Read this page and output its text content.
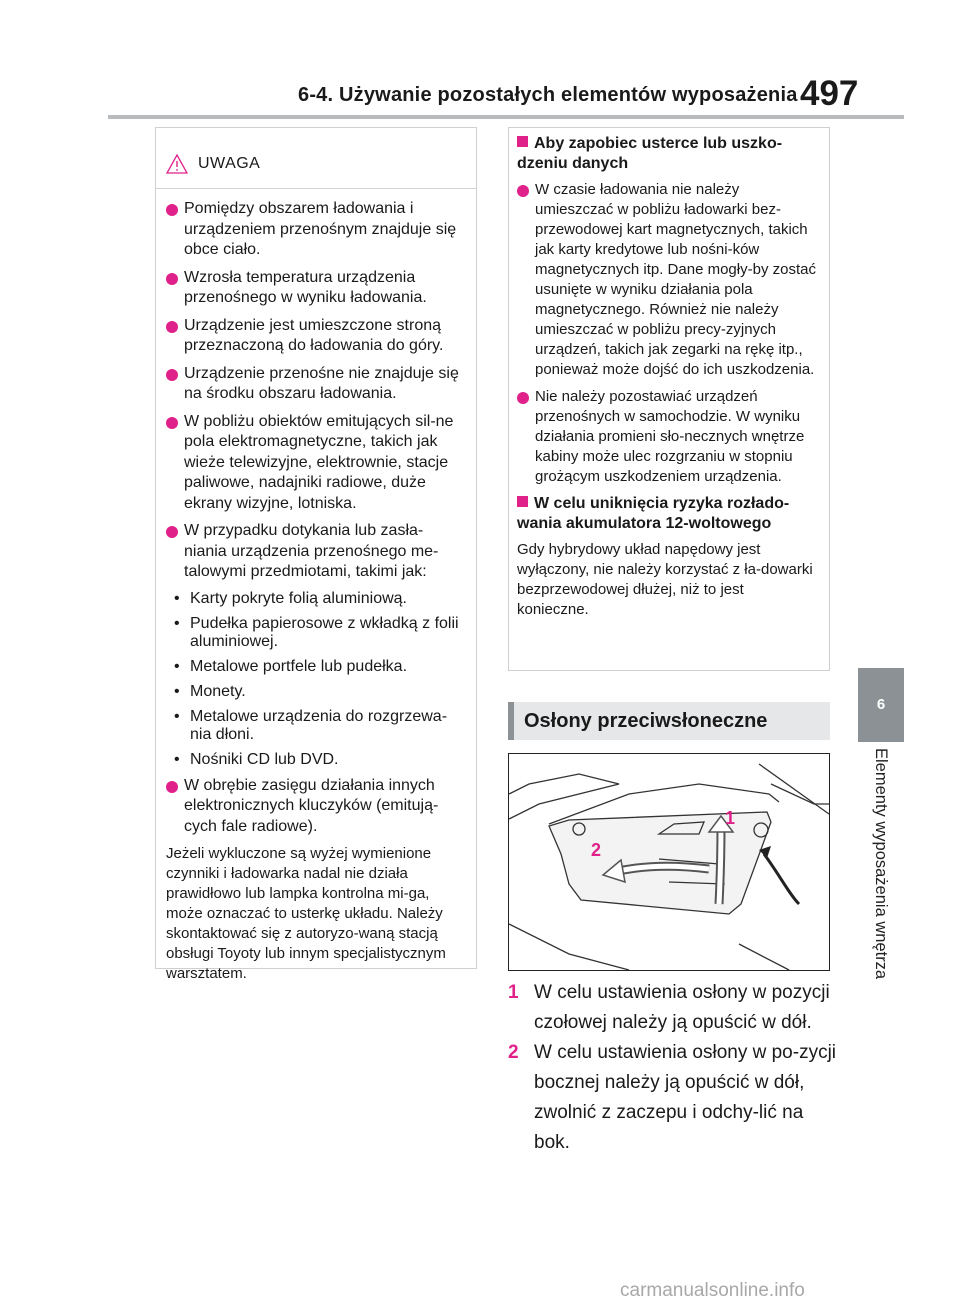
6-4. Używanie pozostałych elementów wyposażenia 497
6
Elementy wyposażenia wnętrza
UWAGA
Pomiędzy obszarem ładowania i urządzeniem przenośnym znajduje się obce ciało.
Wzrosła temperatura urządzenia przenośnego w wyniku ładowania.
Urządzenie jest umieszczone stroną przeznaczoną do ładowania do góry.
Urządzenie przenośne nie znajduje się na środku obszaru ładowania.
W pobliżu obiektów emitujących sil-ne pola elektromagnetyczne, takich jak wieże telewizyjne, elektrownie, stacje paliwowe, nadajniki radiowe, duże ekrany wizyjne, lotniska.
W przypadku dotykania lub zasła-niania urządzenia przenośnego me-talowymi przedmiotami, takimi jak:
• Karty pokryte folią aluminiową.
• Pudełka papierosowe z wkładką z folii aluminiowej.
• Metalowe portfele lub pudełka.
• Monety.
• Metalowe urządzenia do rozgrzewa-nia dłoni.
• Nośniki CD lub DVD.
W obrębie zasięgu działania innych elektronicznych kluczyków (emitują-cych fale radiowe).

Jeżeli wykluczone są wyżej wymienione czynniki i ładowarka nadal nie działa prawidłowo lub lampka kontrolna mi-ga, może oznaczać to usterkę układu. Należy skontaktować się z autoryzo-waną stacją obsługi Toyoty lub innym specjalistycznym warsztatem.

Aby zapobiec usterce lub uszko-dzeniu danych
W czasie ładowania nie należy umieszczać w pobliżu ładowarki bez-przewodowej kart magnetycznych, takich jak karty kredytowe lub nośni-ków magnetycznych itp. Dane mogły-by zostać usunięte w wyniku działania pola magnetycznego. Również nie należy umieszczać w pobliżu precy-zyjnych urządzeń, takich jak zegarki na rękę itp., ponieważ może dojść do ich uszkodzenia.
Nie należy pozostawiać urządzeń przenośnych w samochodzie. W wyniku działania promieni sło-necznych wnętrze kabiny może ulec rozgrzaniu w stopniu grożącym uszkodzeniem urządzenia.
W celu uniknięcia ryzyka rozłado-wania akumulatora 12-woltowego

Gdy hybrydowy układ napędowy jest wyłączony, nie należy korzystać z ła-dowarki bezprzewodowej dłużej, niż to jest konieczne.

Osłony przeciwsłoneczne
1
2
1 W celu ustawienia osłony w pozycji czołowej należy ją opuścić w dół.
2 W celu ustawienia osłony w po-zycji bocznej należy ją opuścić w dół, zwolnić z zaczepu i odchy-lić na bok.
carmanualsonline.info
